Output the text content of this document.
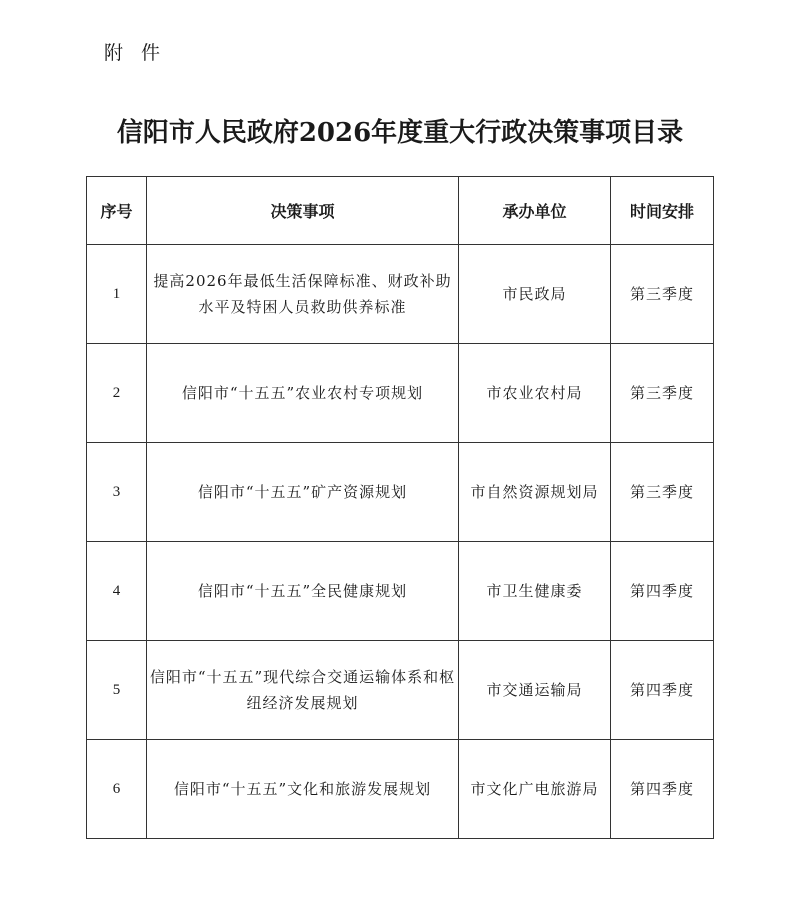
附 件
信阳市人民政府2026年度重大行政决策事项目录
序号	决策事项	承办单位	时间安排
1	提高2026年最低生活保障标准、财政补助水平及特困人员救助供养标准	市民政局	第三季度
2	信阳市“十五五”农业农村专项规划	市农业农村局	第三季度
3	信阳市“十五五”矿产资源规划	市自然资源规划局	第三季度
4	信阳市“十五五”全民健康规划	市卫生健康委	第四季度
5	信阳市“十五五”现代综合交通运输体系和枢纽经济发展规划	市交通运输局	第四季度
6	信阳市“十五五”文化和旅游发展规划	市文化广电旅游局	第四季度
